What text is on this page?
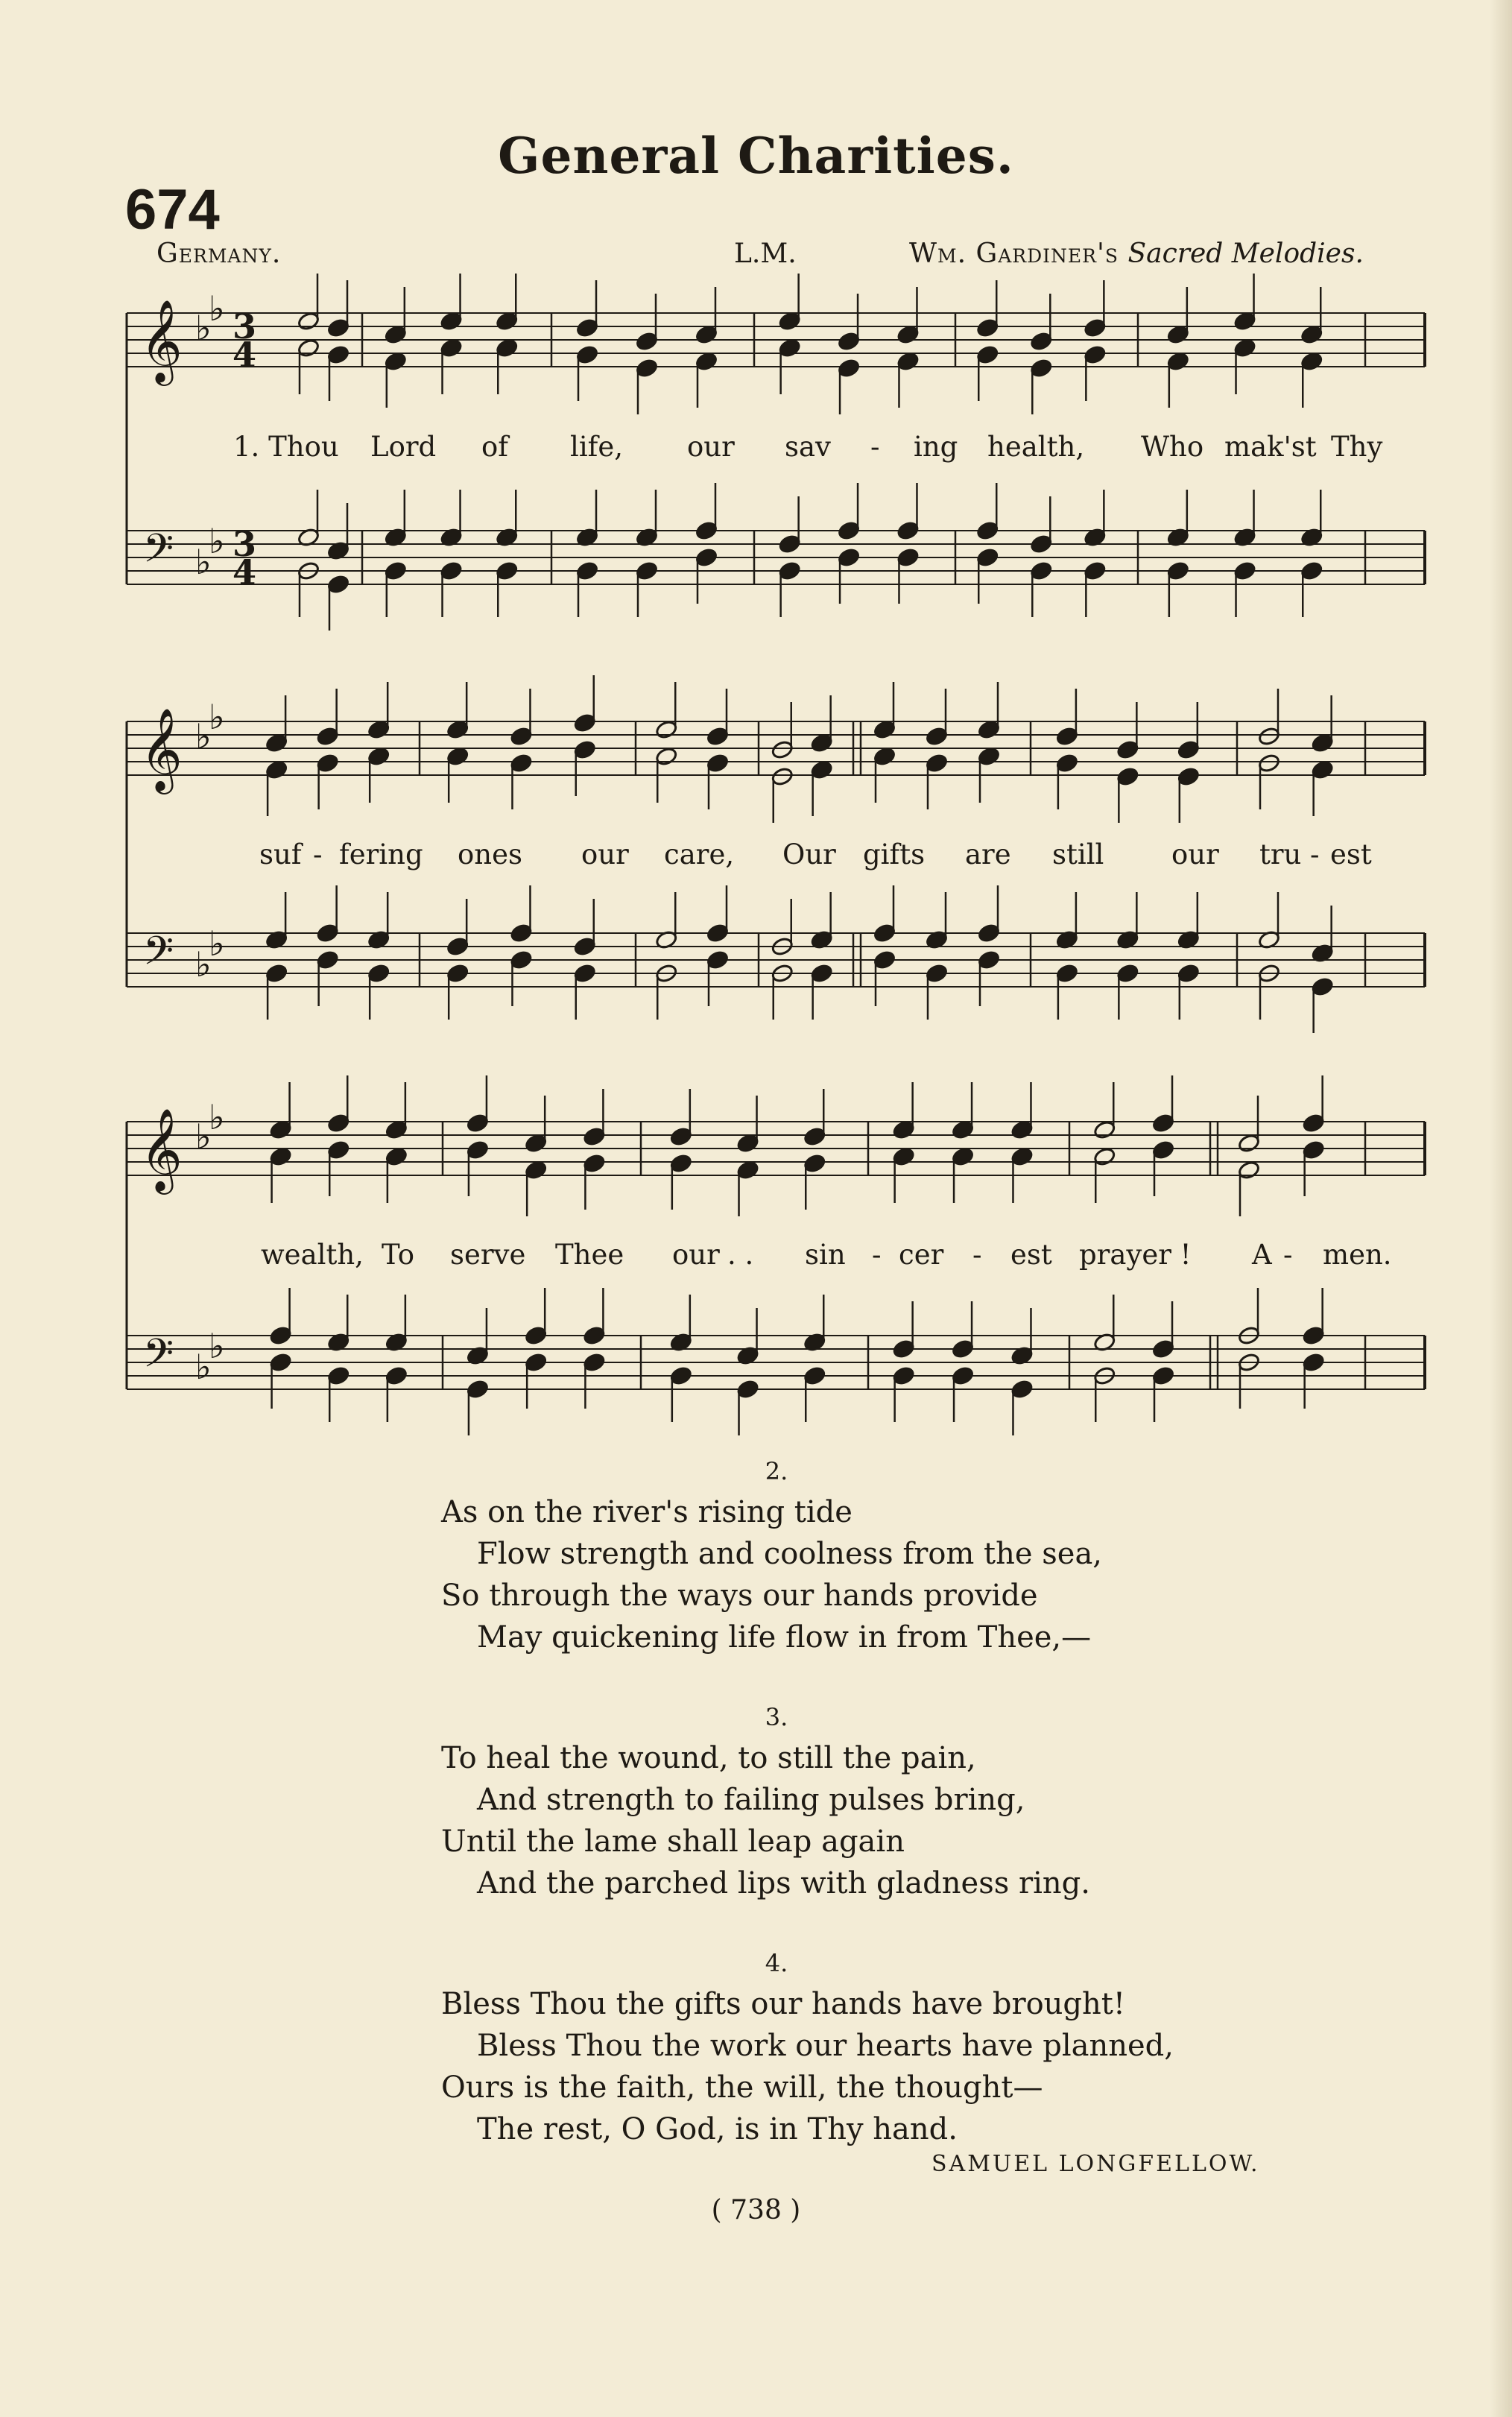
General Charities.
674
Germany.	L.M.	Wm. Gardiner's Sacred Melodies.
𝄞
𝄢
♭
♭
♭
♭
3
4
3
4
𝄞
𝄢
♭
♭
♭
♭
𝄞
𝄢
♭
♭
♭
♭
1. Thou Lord of life, our sav - ing health, Who mak'st Thy
suf - fering ones our care, Our gifts are still our tru - est
wealth, To serve Thee our . . sin - cer - est prayer ! A - men.
2.
As on the river's rising tide
Flow strength and coolness from the sea,
So through the ways our hands provide
May quickening life flow in from Thee,—
3.
To heal the wound, to still the pain,
And strength to failing pulses bring,
Until the lame shall leap again
And the parched lips with gladness ring.
4.
Bless Thou the gifts our hands have brought!
Bless Thou the work our hearts have planned,
Ours is the faith, the will, the thought—
The rest, O God, is in Thy hand.
SAMUEL LONGFELLOW.
( 738 )
